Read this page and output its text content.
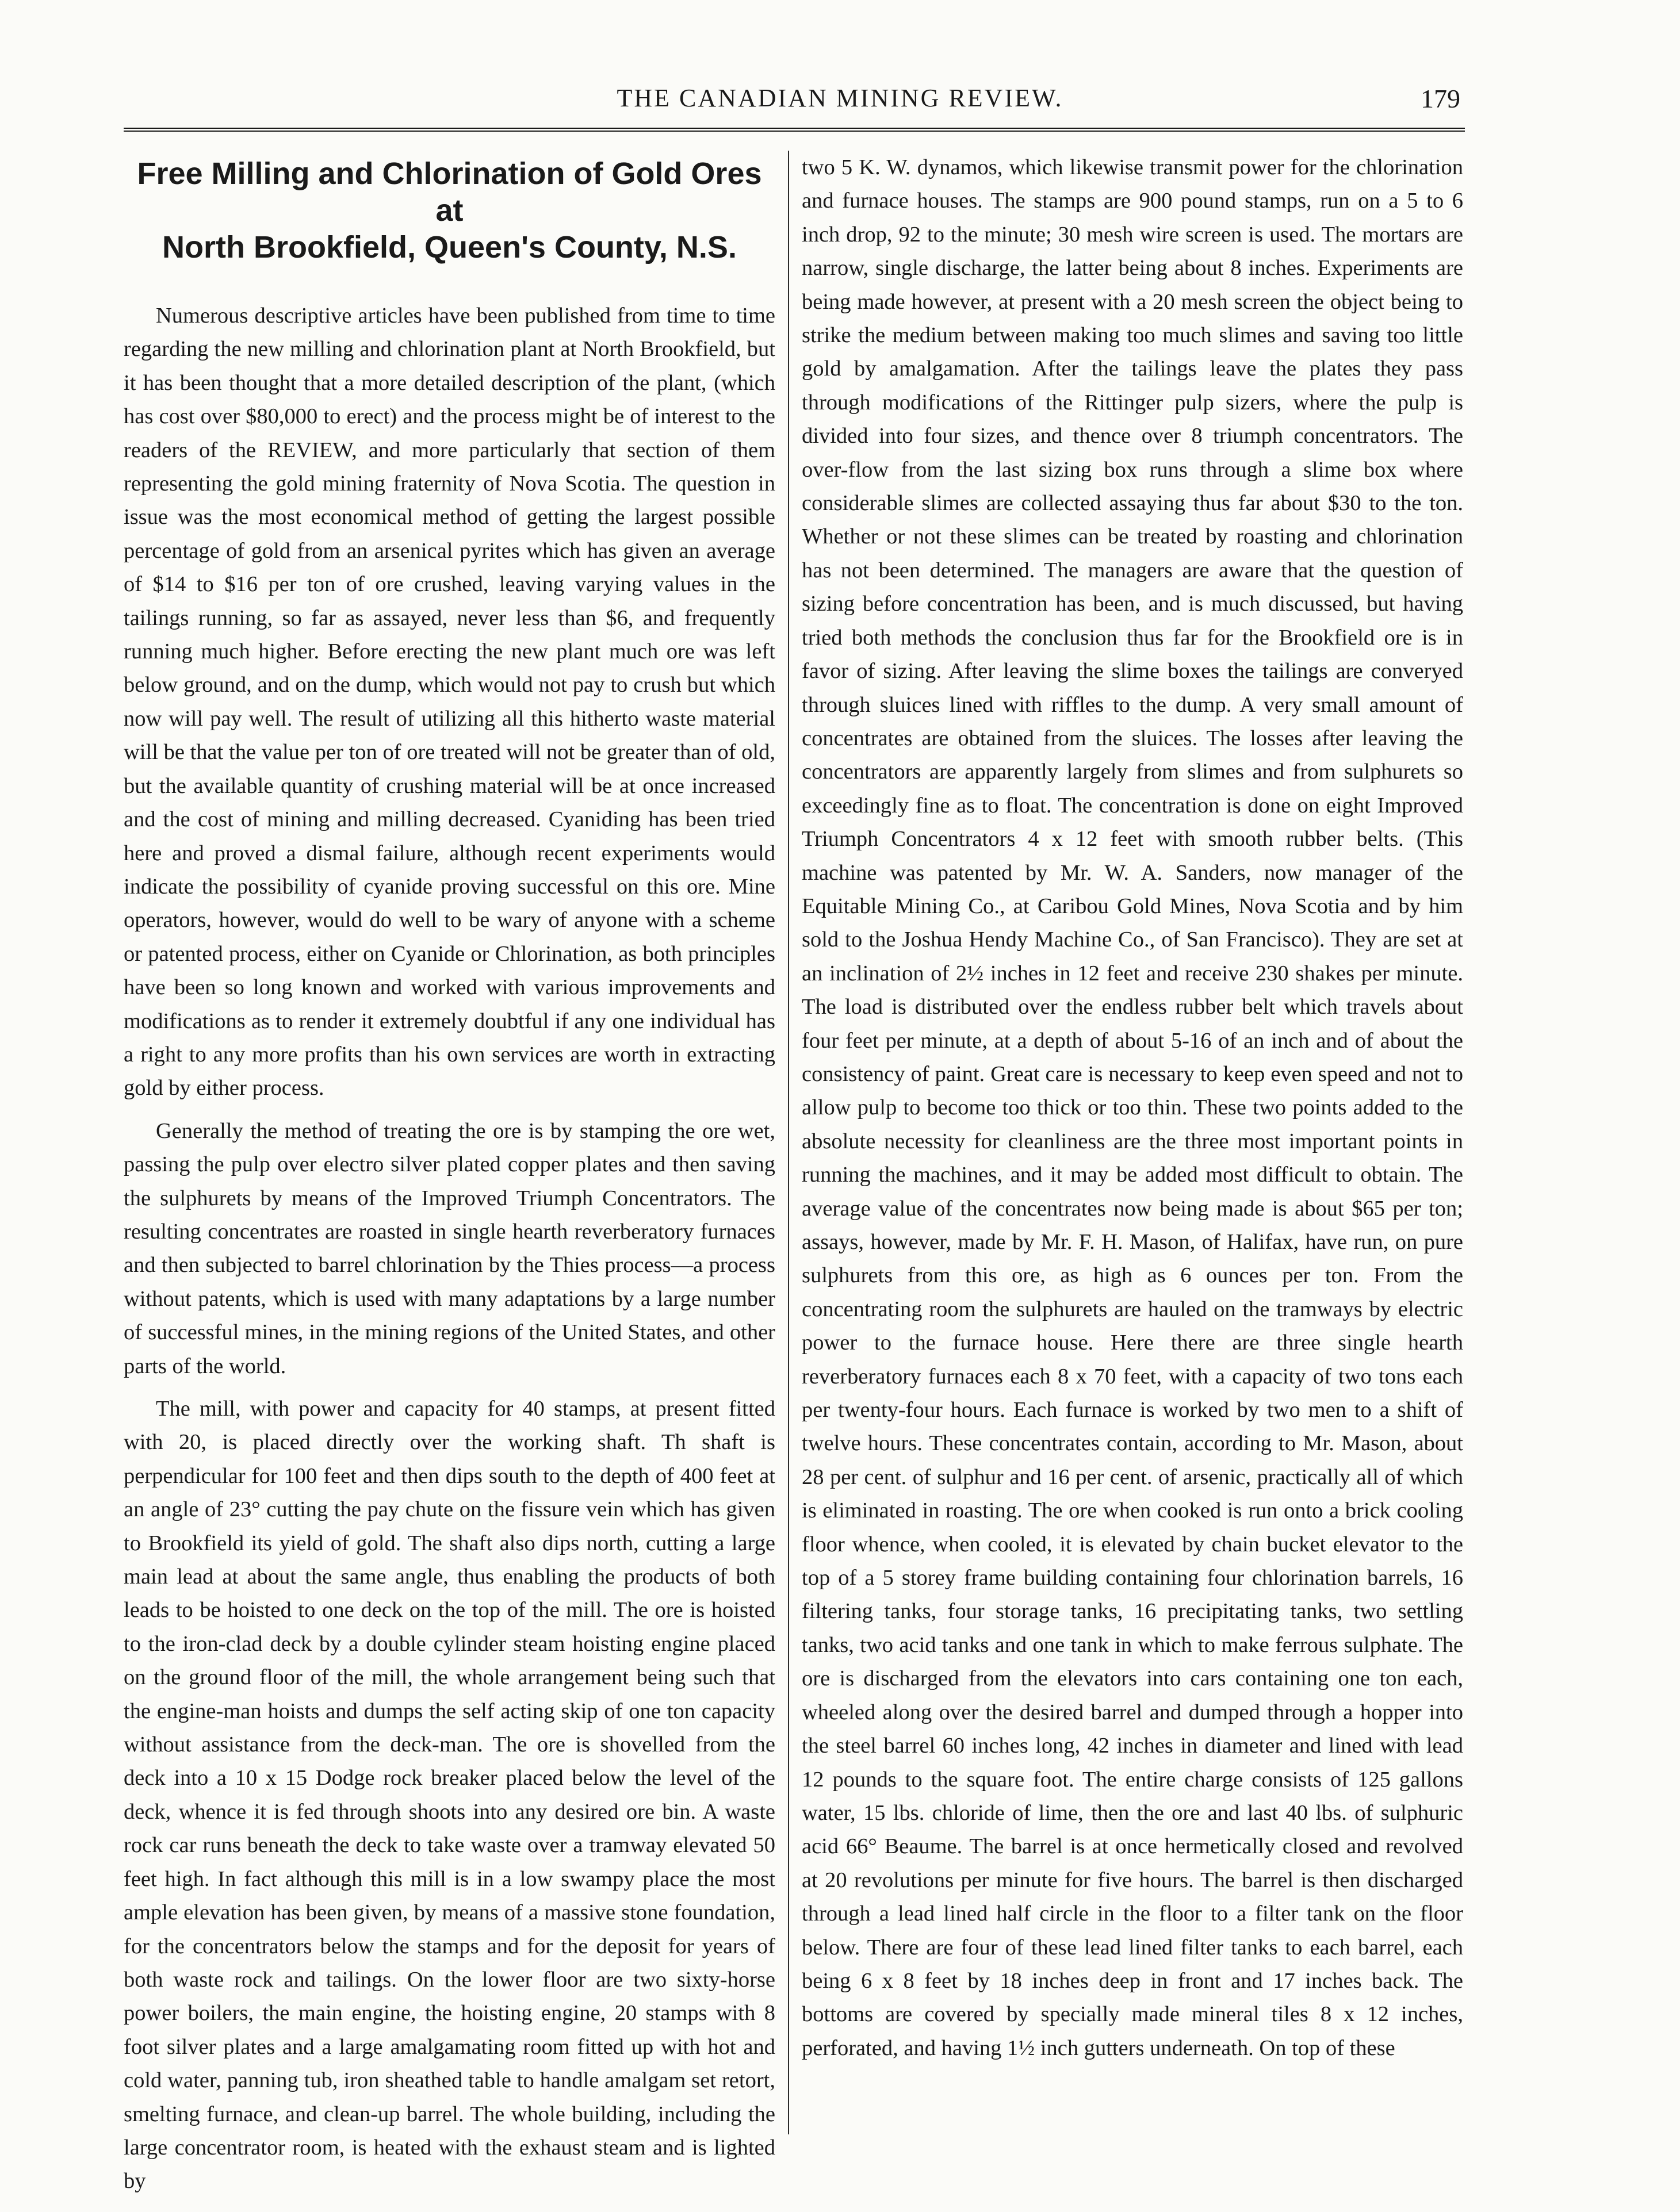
THE CANADIAN MINING REVIEW.	179
Free Milling and Chlorination of Gold Ores at
North Brookfield, Queen's County, N.S.

Numerous descriptive articles have been published from time to time regarding the new milling and chlorination plant at North Brookfield, but it has been thought that a more detailed description of the plant, (which has cost over $80,000 to erect) and the process might be of interest to the readers of the REVIEW, and more particularly that section of them representing the gold mining fraternity of Nova Scotia. The question in issue was the most economical method of getting the largest possible percentage of gold from an arsenical pyrites which has given an average of $14 to $16 per ton of ore crushed, leaving varying values in the tailings running, so far as assayed, never less than $6, and frequently running much higher. Before erecting the new plant much ore was left below ground, and on the dump, which would not pay to crush but which now will pay well. The result of utilizing all this hitherto waste material will be that the value per ton of ore treated will not be greater than of old, but the available quantity of crushing material will be at once increased and the cost of mining and milling decreased. Cyaniding has been tried here and proved a dismal failure, although recent experiments would indicate the possibility of cyanide proving successful on this ore. Mine operators, however, would do well to be wary of anyone with a scheme or patented process, either on Cyanide or Chlorination, as both principles have been so long known and worked with various improvements and modifications as to render it extremely doubtful if any one individual has a right to any more profits than his own services are worth in extracting gold by either process.

Generally the method of treating the ore is by stamping the ore wet, passing the pulp over electro silver plated copper plates and then saving the sulphurets by means of the Improved Triumph Concentrators. The resulting concentrates are roasted in single hearth reverberatory furnaces and then subjected to barrel chlorination by the Thies process—a process without patents, which is used with many adaptations by a large number of successful mines, in the mining regions of the United States, and other parts of the world.

The mill, with power and capacity for 40 stamps, at present fitted with 20, is placed directly over the working shaft. Th shaft is perpendicular for 100 feet and then dips south to the depth of 400 feet at an angle of 23° cutting the pay chute on the fissure vein which has given to Brookfield its yield of gold. The shaft also dips north, cutting a large main lead at about the same angle, thus enabling the products of both leads to be hoisted to one deck on the top of the mill. The ore is hoisted to the iron-clad deck by a double cylinder steam hoisting engine placed on the ground floor of the mill, the whole arrangement being such that the engine-man hoists and dumps the self acting skip of one ton capacity without assistance from the deck-man. The ore is shovelled from the deck into a 10 x 15 Dodge rock breaker placed below the level of the deck, whence it is fed through shoots into any desired ore bin. A waste rock car runs beneath the deck to take waste over a tramway elevated 50 feet high. In fact although this mill is in a low swampy place the most ample elevation has been given, by means of a massive stone foundation, for the concentrators below the stamps and for the deposit for years of both waste rock and tailings. On the lower floor are two sixty-horse power boilers, the main engine, the hoisting engine, 20 stamps with 8 foot silver plates and a large amalgamating room fitted up with hot and cold water, panning tub, iron sheathed table to handle amalgam set retort, smelting furnace, and clean-up barrel. The whole building, including the large concentrator room, is heated with the exhaust steam and is lighted by

two 5 K. W. dynamos, which likewise transmit power for the chlorination and furnace houses. The stamps are 900 pound stamps, run on a 5 to 6 inch drop, 92 to the minute; 30 mesh wire screen is used. The mortars are narrow, single discharge, the latter being about 8 inches. Experiments are being made however, at present with a 20 mesh screen the object being to strike the medium between making too much slimes and saving too little gold by amalgamation. After the tailings leave the plates they pass through modifications of the Rittinger pulp sizers, where the pulp is divided into four sizes, and thence over 8 triumph concentrators. The over-flow from the last sizing box runs through a slime box where considerable slimes are collected assaying thus far about $30 to the ton. Whether or not these slimes can be treated by roasting and chlorination has not been determined. The managers are aware that the question of sizing before concentration has been, and is much discussed, but having tried both methods the conclusion thus far for the Brookfield ore is in favor of sizing. After leaving the slime boxes the tailings are converyed through sluices lined with riffles to the dump. A very small amount of concentrates are obtained from the sluices. The losses after leaving the concentrators are apparently largely from slimes and from sulphurets so exceedingly fine as to float. The concentration is done on eight Improved Triumph Concentrators 4 x 12 feet with smooth rubber belts. (This machine was patented by Mr. W. A. Sanders, now manager of the Equitable Mining Co., at Caribou Gold Mines, Nova Scotia and by him sold to the Joshua Hendy Machine Co., of San Francisco). They are set at an inclination of 2½ inches in 12 feet and receive 230 shakes per minute. The load is distributed over the endless rubber belt which travels about four feet per minute, at a depth of about 5-16 of an inch and of about the consistency of paint. Great care is necessary to keep even speed and not to allow pulp to become too thick or too thin. These two points added to the absolute necessity for cleanliness are the three most important points in running the machines, and it may be added most difficult to obtain. The average value of the concentrates now being made is about $65 per ton; assays, however, made by Mr. F. H. Mason, of Halifax, have run, on pure sulphurets from this ore, as high as 6 ounces per ton. From the concentrating room the sulphurets are hauled on the tramways by electric power to the furnace house. Here there are three single hearth reverberatory furnaces each 8 x 70 feet, with a capacity of two tons each per twenty-four hours. Each furnace is worked by two men to a shift of twelve hours. These concentrates contain, according to Mr. Mason, about 28 per cent. of sulphur and 16 per cent. of arsenic, practically all of which is eliminated in roasting. The ore when cooked is run onto a brick cooling floor whence, when cooled, it is elevated by chain bucket elevator to the top of a 5 storey frame building containing four chlorination barrels, 16 filtering tanks, four storage tanks, 16 precipitating tanks, two settling tanks, two acid tanks and one tank in which to make ferrous sulphate. The ore is discharged from the elevators into cars containing one ton each, wheeled along over the desired barrel and dumped through a hopper into the steel barrel 60 inches long, 42 inches in diameter and lined with lead 12 pounds to the square foot. The entire charge consists of 125 gallons water, 15 lbs. chloride of lime, then the ore and last 40 lbs. of sulphuric acid 66° Beaume. The barrel is at once hermetically closed and revolved at 20 revolutions per minute for five hours. The barrel is then discharged through a lead lined half circle in the floor to a filter tank on the floor below. There are four of these lead lined filter tanks to each barrel, each being 6 x 8 feet by 18 inches deep in front and 17 inches back. The bottoms are covered by specially made mineral tiles 8 x 12 inches, perforated, and having 1½ inch gutters underneath. On top of these
